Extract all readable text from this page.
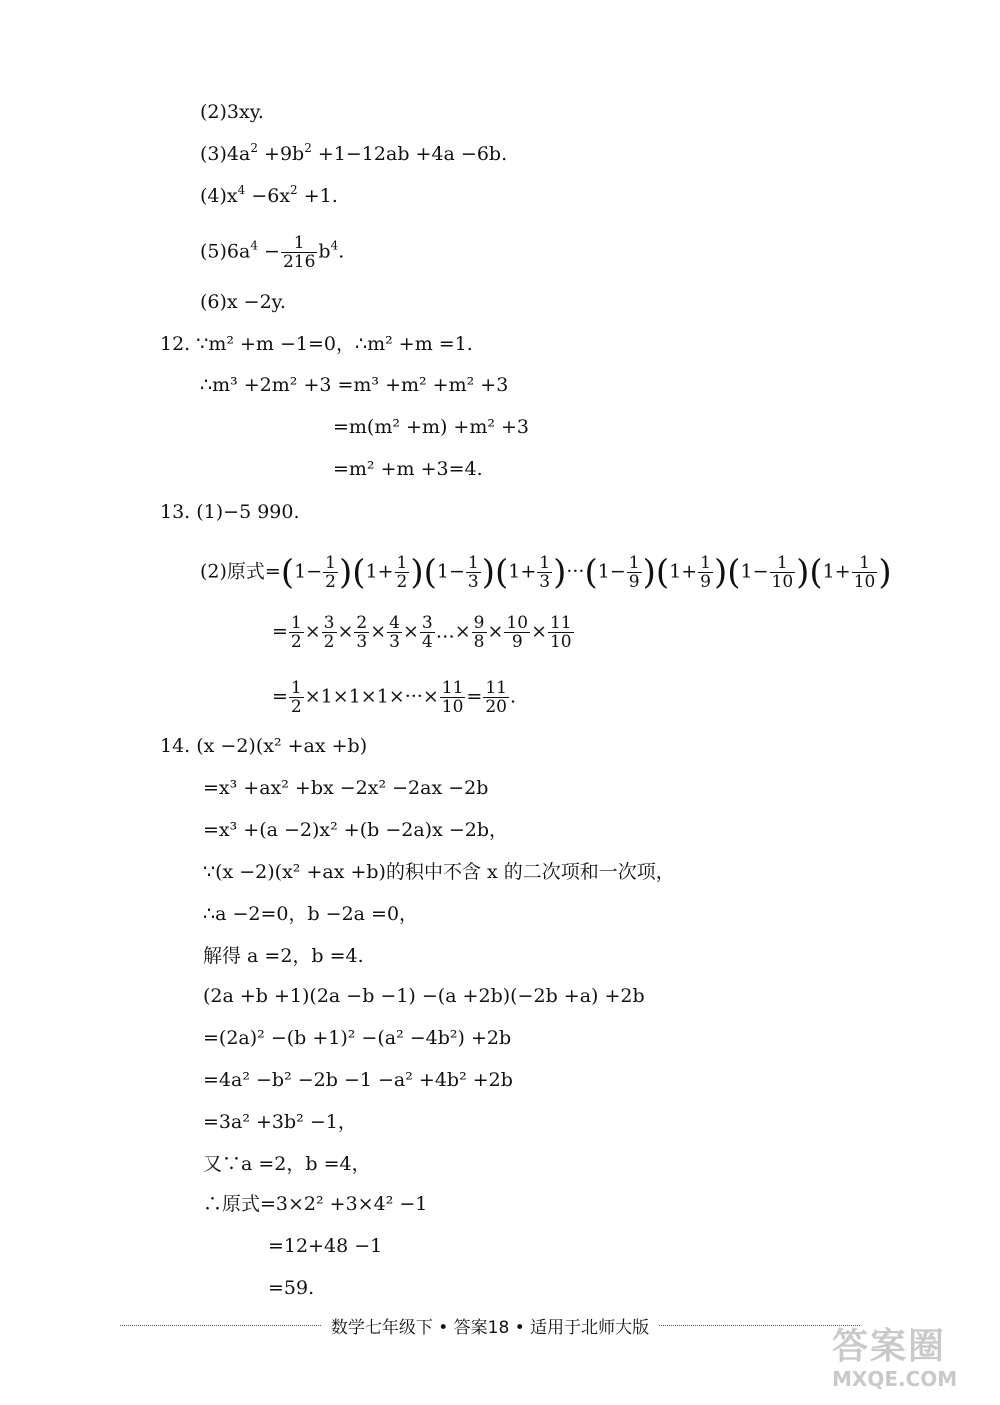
(2)3xy.
$(3)4a^2 +9b^2 +1-12ab +4a -6b$.
$(4)x^4 -6x^2 +1$.
$(5)6a^4 - \frac{1}{216} b^4$.
(6)x −2y.
12. ∵m² +m −1=0，∴m² +m =1.
∴m³ +2m² +3 =m³ +m² +m² +3
=m(m² +m) +m² +3
=m² +m +3=4.
13. (1)−5 990.
(2)原式$=(1- \frac{1}{2} )(1+ \frac{1}{2} )(1- \frac{1}{3} )(1+ \frac{1}{3} )\cdot\cdot\cdot(1- \frac{1}{9} )(1+ \frac{1}{9} )(1- \frac{1}{10} )(1+ \frac{1}{10}$ )
= $\frac{1}{2} \times \frac{3}{2} \times \frac{2}{3} \times \frac{4}{3} \times \frac{3}{4}$ …× $\frac{9}{8} \times \frac{10}{9} \times \frac{11}{10}$
= $\frac{1}{2} \times 1\times 1\times 1\times\cdot\cdot\cdot\times \frac{11}{10} = \frac{11}{20}$ .
14. (x −2)(x² +ax +b)
=x³ +ax² +bx −2x² −2ax −2b
=x³ +(a −2)x² +(b −2a)x −2b，
∵(x −2)(x² +ax +b)的积中不含 x 的二次项和一次项，
∴a −2=0，b −2a =0，
解得 a =2，b =4.
(2a +b +1)(2a −b −1) −(a +2b)(−2b +a) +2b
=(2a)² −(b +1)² −(a² −4b²) +2b
=4a² −b² −2b −1 −a² +4b² +2b
=3a² +3b² −1，
又∵a =2，b =4，
∴原式=3×2² +3×4² −1
=12+48 −1
=59.
数学七年级下 • 答案18 • 适用于北师大版	答案圈
MXQE.COM
